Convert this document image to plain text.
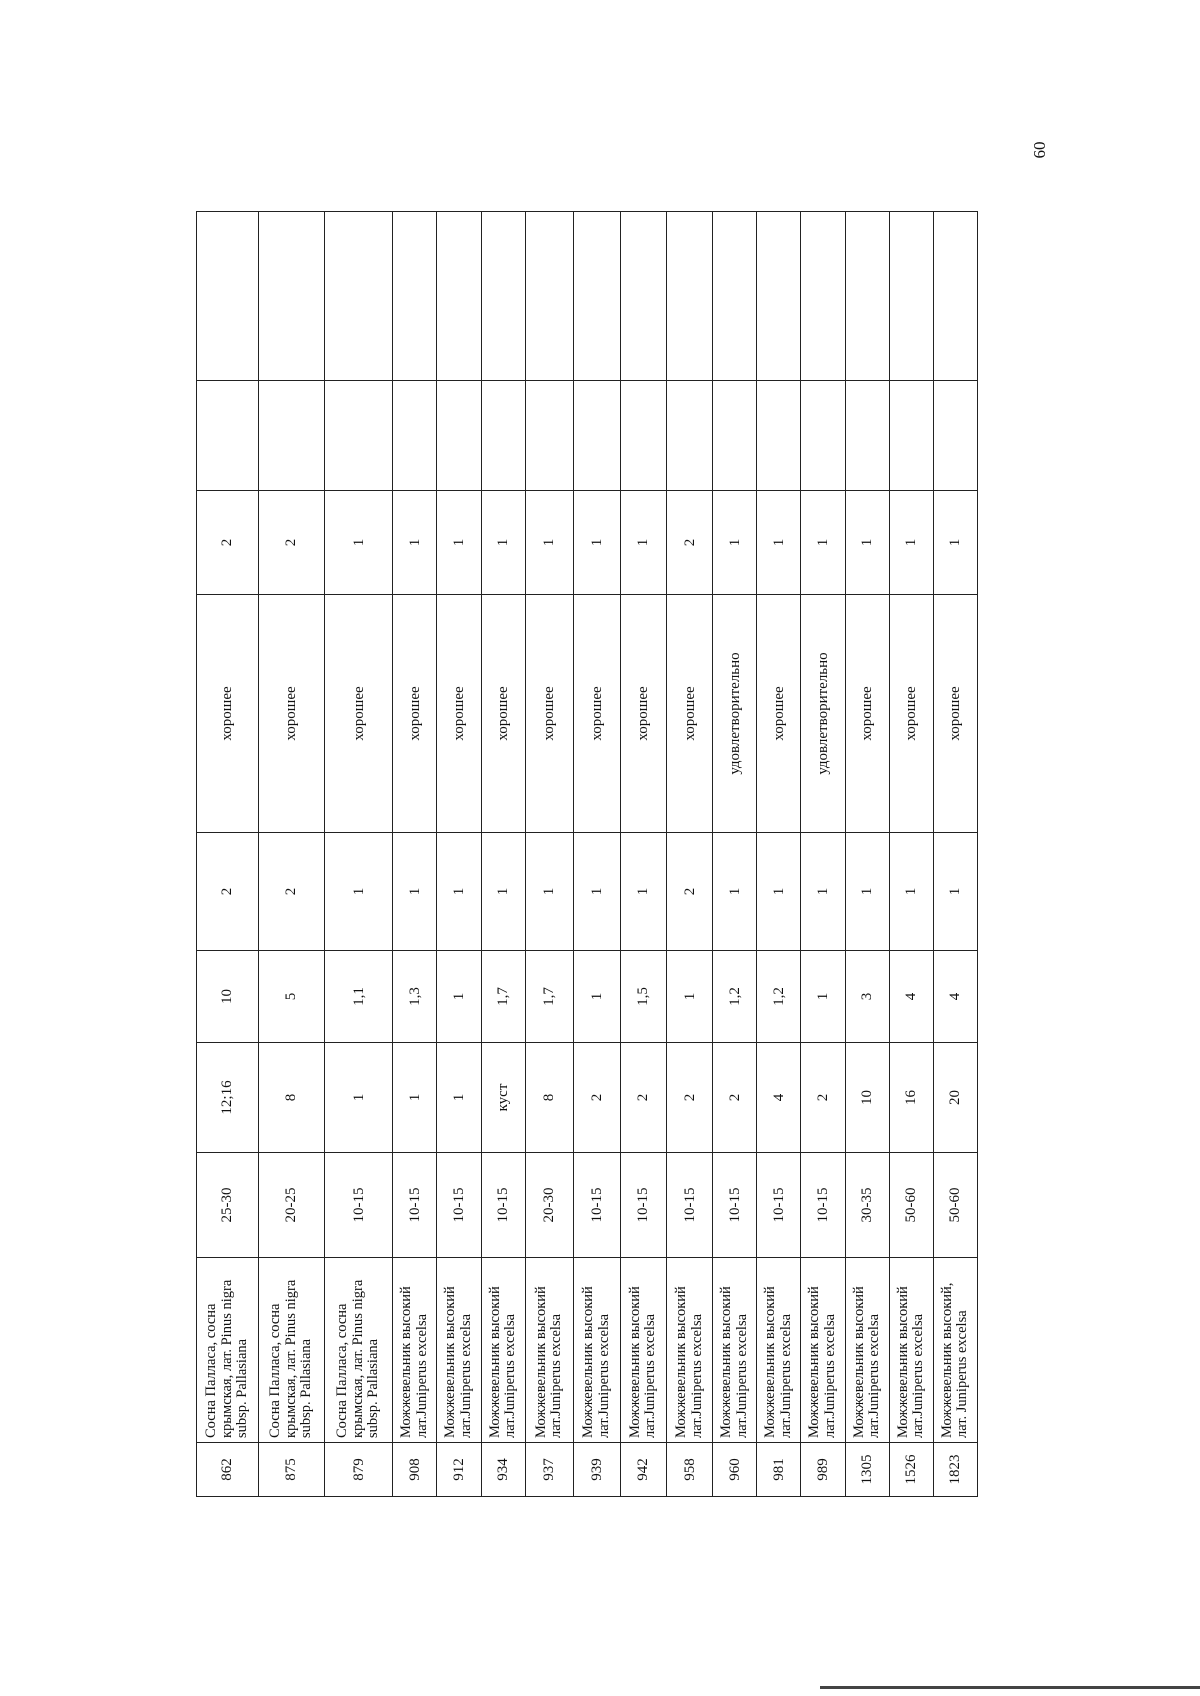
60
862	Сосна Палласа, сосна крымская, лат. Pinus nigra subsp. Pallasiana	25-30	12;16	10	2	хорошее	2		
875	Сосна Палласа, сосна крымская, лат. Pinus nigra subsp. Pallasiana	20-25	8	5	2	хорошее	2		
879	Сосна Палласа, сосна крымская, лат. Pinus nigra subsp. Pallasiana	10-15	1	1,1	1	хорошее	1		
908	Можжевельник высокий лат.Juniperus excelsa	10-15	1	1,3	1	хорошее	1		
912	Можжевельник высокий лат.Juniperus excelsa	10-15	1	1	1	хорошее	1		
934	Можжевельник высокий лат.Juniperus excelsa	10-15	куст	1,7	1	хорошее	1		
937	Можжевельник высокий лат.Juniperus excelsa	20-30	8	1,7	1	хорошее	1		
939	Можжевельник высокий лат.Juniperus excelsa	10-15	2	1	1	хорошее	1		
942	Можжевельник высокий лат.Juniperus excelsa	10-15	2	1,5	1	хорошее	1		
958	Можжевельник высокий лат.Juniperus excelsa	10-15	2	1	2	хорошее	2		
960	Можжевельник высокий лат.Juniperus excelsa	10-15	2	1,2	1	удовлетворительно	1		
981	Можжевельник высокий лат.Juniperus excelsa	10-15	4	1,2	1	хорошее	1		
989	Можжевельник высокий лат.Juniperus excelsa	10-15	2	1	1	удовлетворительно	1		
1305	Можжевельник высокий лат.Juniperus excelsa	30-35	10	3	1	хорошее	1		
1526	Можжевельник высокий лат.Juniperus excelsa	50-60	16	4	1	хорошее	1		
1823	Можжевельник высокий, лат. Juniperus excelsa	50-60	20	4	1	хорошее	1		
